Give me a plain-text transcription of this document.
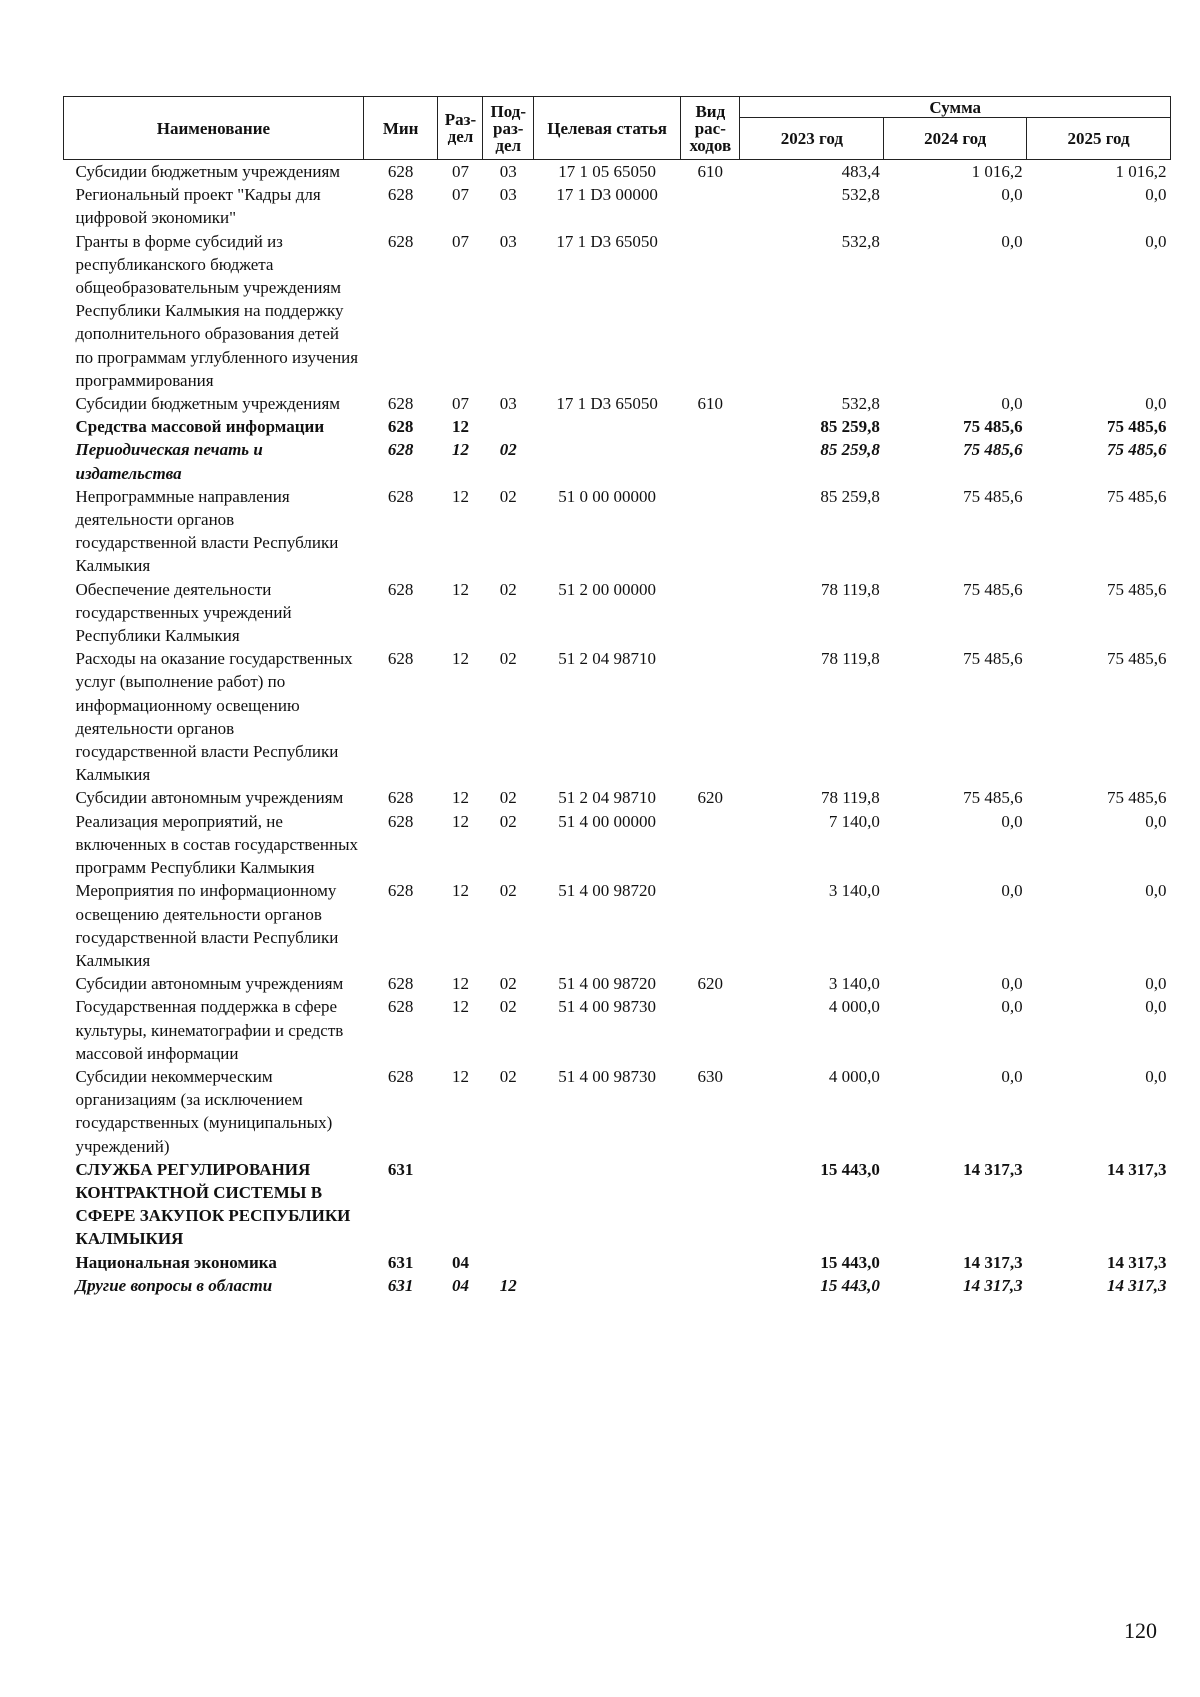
Наименование	Мин	Раз-дел	Под-раз-дел	Целевая статья	Вид рас-ходов	Сумма		
						2023 год	2024 год	2025 год
Субсидии бюджетным учреждениям	628	07	03	17 1 05 65050	610	483,4	1 016,2	1 016,2
Региональный проект "Кадры для цифровой экономики"	628	07	03	17 1 D3 00000		532,8	0,0	0,0
Гранты в форме субсидий из республиканского бюджета общеобразовательным учреждениям Республики Калмыкия на поддержку дополнительного образования детей по программам углубленного изучения программирования	628	07	03	17 1 D3 65050		532,8	0,0	0,0
Субсидии бюджетным учреждениям	628	07	03	17 1 D3 65050	610	532,8	0,0	0,0
Средства массовой информации	628	12				85 259,8	75 485,6	75 485,6
Периодическая печать и издательства	628	12	02			85 259,8	75 485,6	75 485,6
Непрограммные направления деятельности органов государственной власти Республики Калмыкия	628	12	02	51 0 00 00000		85 259,8	75 485,6	75 485,6
Обеспечение деятельности государственных учреждений Республики Калмыкия	628	12	02	51 2 00 00000		78 119,8	75 485,6	75 485,6
Расходы на оказание государственных услуг (выполнение работ) по информационному освещению деятельности органов государственной власти Республики Калмыкия	628	12	02	51 2 04 98710		78 119,8	75 485,6	75 485,6
Субсидии автономным учреждениям	628	12	02	51 2 04 98710	620	78 119,8	75 485,6	75 485,6
Реализация мероприятий, не включенных в состав государственных программ Республики Калмыкия	628	12	02	51 4 00 00000		7 140,0	0,0	0,0
Мероприятия по информационному освещению деятельности органов государственной власти Республики Калмыкия	628	12	02	51 4 00 98720		3 140,0	0,0	0,0
Субсидии автономным учреждениям	628	12	02	51 4 00 98720	620	3 140,0	0,0	0,0
Государственная поддержка в сфере культуры, кинематографии и средств массовой информации	628	12	02	51 4 00 98730		4 000,0	0,0	0,0
Субсидии некоммерческим организациям (за исключением государственных (муниципальных) учреждений)	628	12	02	51 4 00 98730	630	4 000,0	0,0	0,0
СЛУЖБА РЕГУЛИРОВАНИЯ КОНТРАКТНОЙ СИСТЕМЫ В СФЕРЕ ЗАКУПОК РЕСПУБЛИКИ КАЛМЫКИЯ	631					15 443,0	14 317,3	14 317,3
Национальная экономика	631	04				15 443,0	14 317,3	14 317,3
Другие вопросы в области	631	04	12			15 443,0	14 317,3	14 317,3
120
